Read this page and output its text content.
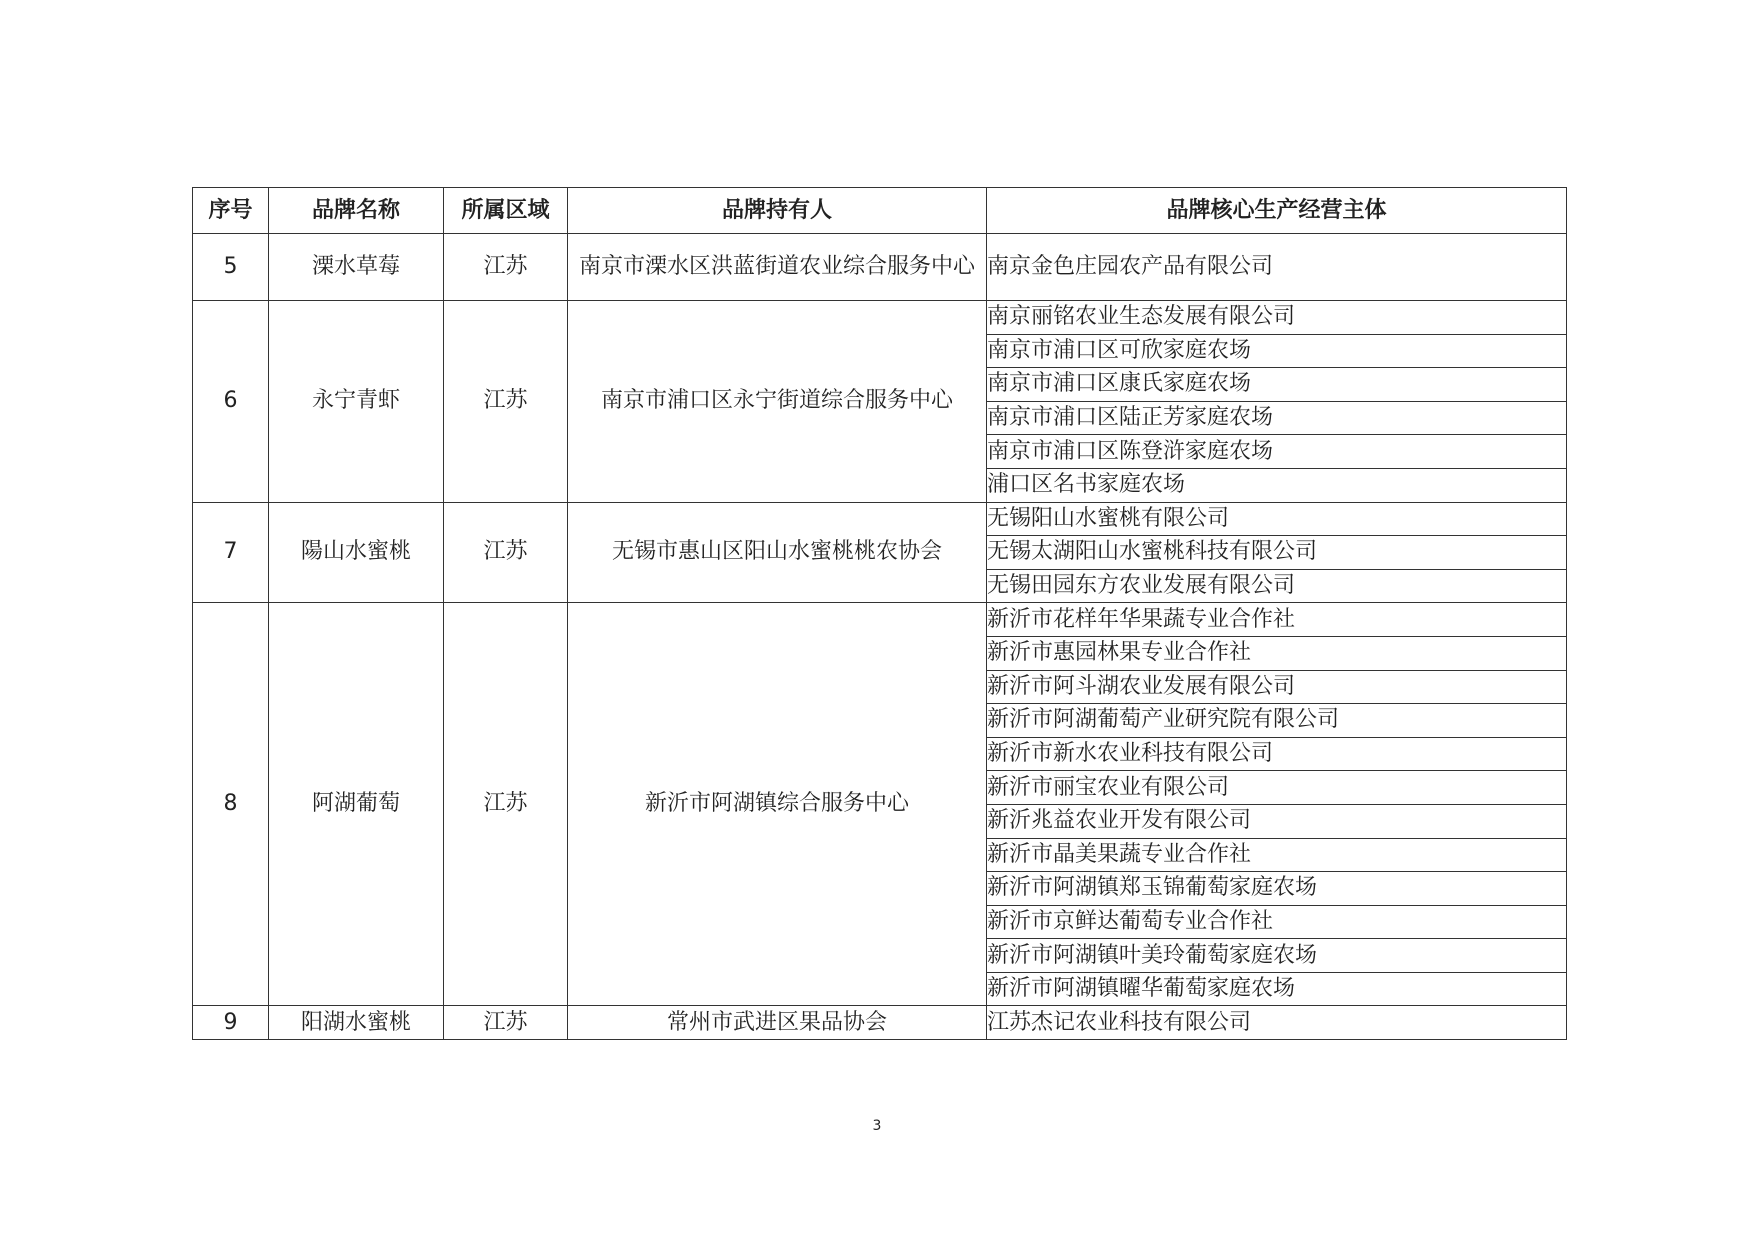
序号	品牌名称	所属区域	品牌持有人	品牌核心生产经营主体
5	溧水草莓	江苏	南京市溧水区洪蓝街道农业综合服务中心	南京金色庄园农产品有限公司
6	永宁青虾	江苏	南京市浦口区永宁街道综合服务中心	南京丽铭农业生态发展有限公司
				南京市浦口区可欣家庭农场
				南京市浦口区康氏家庭农场
				南京市浦口区陆正芳家庭农场
				南京市浦口区陈登浒家庭农场
				浦口区名书家庭农场
7	陽山水蜜桃	江苏	无锡市惠山区阳山水蜜桃桃农协会	无锡阳山水蜜桃有限公司
				无锡太湖阳山水蜜桃科技有限公司
				无锡田园东方农业发展有限公司
8	阿湖葡萄	江苏	新沂市阿湖镇综合服务中心	新沂市花样年华果蔬专业合作社
				新沂市惠园林果专业合作社
				新沂市阿斗湖农业发展有限公司
				新沂市阿湖葡萄产业研究院有限公司
				新沂市新水农业科技有限公司
				新沂市丽宝农业有限公司
				新沂兆益农业开发有限公司
				新沂市晶美果蔬专业合作社
				新沂市阿湖镇郑玉锦葡萄家庭农场
				新沂市京鲜达葡萄专业合作社
				新沂市阿湖镇叶美玲葡萄家庭农场
				新沂市阿湖镇曜华葡萄家庭农场
9	阳湖水蜜桃	江苏	常州市武进区果品协会	江苏杰记农业科技有限公司
3
